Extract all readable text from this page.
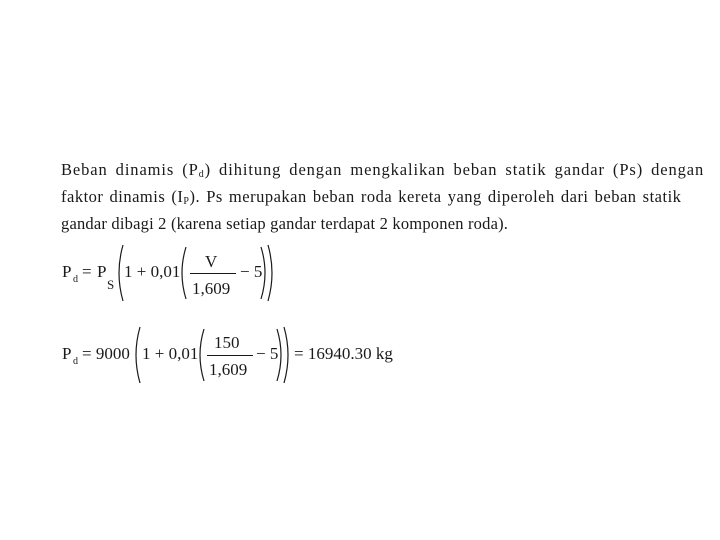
Beban dinamis $(P_d)$ dihitung dengan mengkalikan beban statik gandar (Ps) dengan
faktor dinamis $(I_P)$. Ps merupakan beban roda kereta yang diperoleh dari beban statik
gandar dibagi 2 (karena setiap gandar terdapat 2 komponen roda).
P d = P
S
1 + 0,01
V
1,609
− 5
P d = 9000 1 + 0,01
150
1,609
− 5 = 16940.30 kg
